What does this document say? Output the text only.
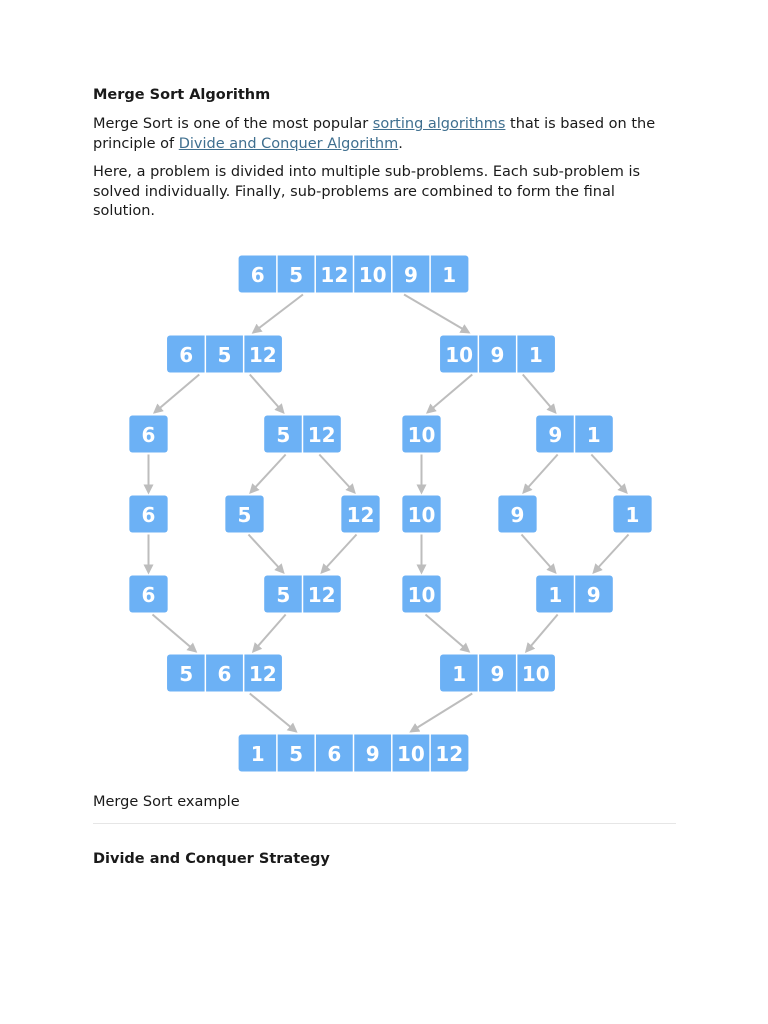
Merge Sort Algorithm

Merge Sort is one of the most popular sorting algorithms that is based on the principle of Divide and Conquer Algorithm.

Here, a problem is divided into multiple sub-problems. Each sub-problem is solved individually. Finally, sub-problems are combined to form the final solution.

Merge Sort example

Divide and Conquer Strategy
6 5 12 10 9 1
6 5 12	10 9 1
6	5 12	10	9 1
6	5	12 10	9	1
6	5 12	10	1 9
5 6 12	1 9 10
1 5 6 9 10 12
